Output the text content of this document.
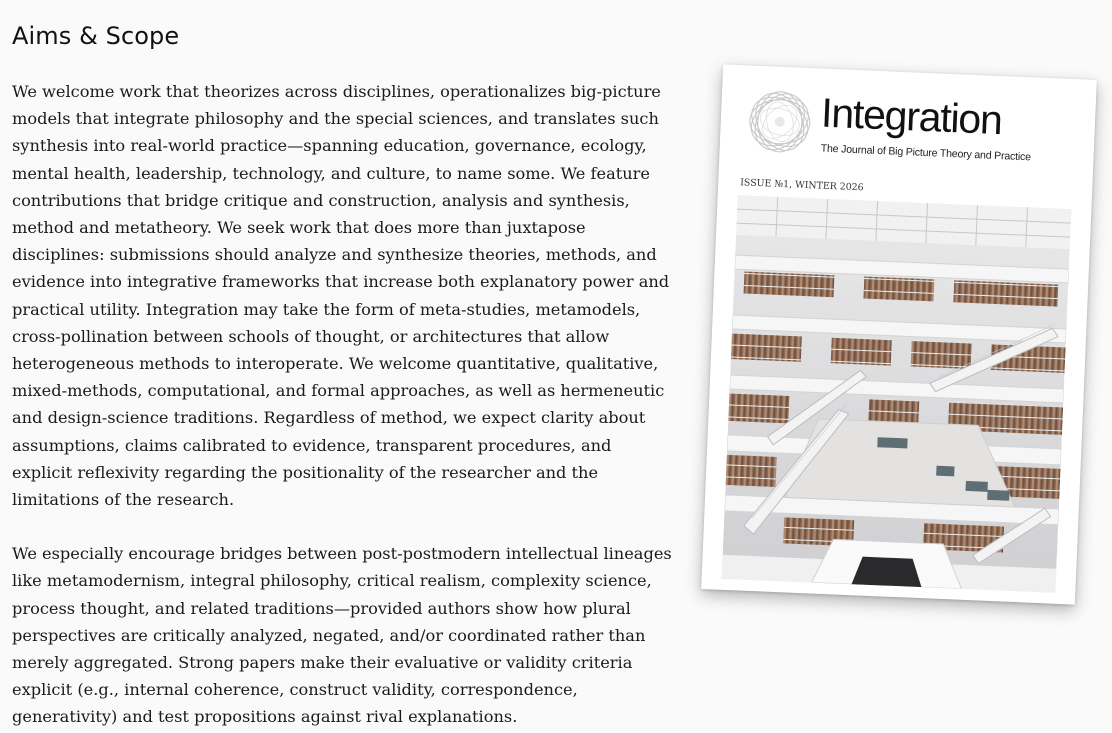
Aims & Scope

We welcome work that theorizes across disciplines, operationalizes big-picture models that integrate philosophy and the special sciences, and translates such synthesis into real-world practice—spanning education, governance, ecology, mental health, leadership, technology, and culture, to name some. We feature contributions that bridge critique and construction, analysis and synthesis, method and metatheory. We seek work that does more than juxtapose disciplines: submissions should analyze and synthesize theories, methods, and evidence into integrative frameworks that increase both explanatory power and practical utility. Integration may take the form of meta-studies, metamodels, cross-pollination between schools of thought, or architectures that allow heterogeneous methods to interoperate. We welcome quantitative, qualitative, mixed-methods, computational, and formal approaches, as well as hermeneutic and design-science traditions. Regardless of method, we expect clarity about assumptions, claims calibrated to evidence, transparent procedures, and explicit reflexivity regarding the positionality of the researcher and the limitations of the research.

We especially encourage bridges between post-postmodern intellectual lineages like metamodernism, integral philosophy, critical realism, complexity science, process thought, and related traditions—provided authors show how plural perspectives are critically analyzed, negated, and/or coordinated rather than merely aggregated. Strong papers make their evaluative or validity criteria explicit (e.g., internal coherence, construct validity, correspondence, generativity) and test propositions against rival explanations.

Integration
The Journal of Big Picture Theory and Practice
ISSUE №1, WINTER 2026
